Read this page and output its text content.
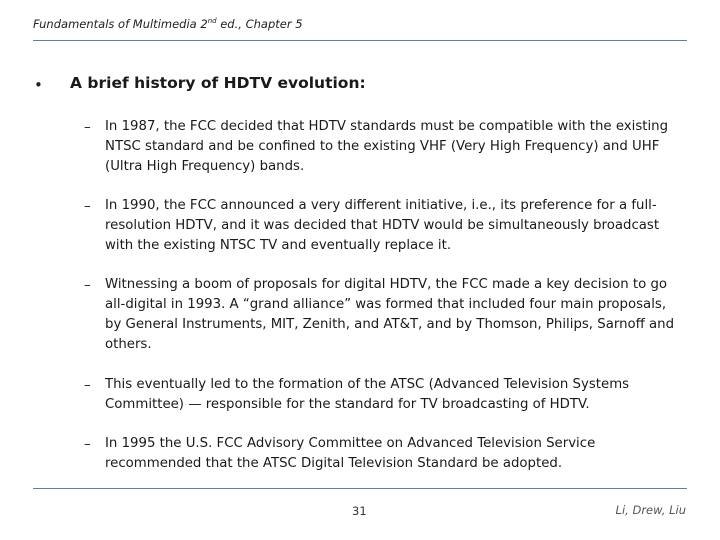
Fundamentals of Multimedia 2nd ed., Chapter 5
• A brief history of HDTV evolution:
– In 1987, the FCC decided that HDTV standards must be compatible with the existing NTSC standard and be confined to the existing VHF (Very High Frequency) and UHF (Ultra High Frequency) bands.
– In 1990, the FCC announced a very different initiative, i.e., its preference for a full-resolution HDTV, and it was decided that HDTV would be simultaneously broadcast with the existing NTSC TV and eventually replace it.
– Witnessing a boom of proposals for digital HDTV, the FCC made a key decision to go all-digital in 1993. A “grand alliance” was formed that included four main proposals, by General Instruments, MIT, Zenith, and AT&T, and by Thomson, Philips, Sarnoff and others.
– This eventually led to the formation of the ATSC (Advanced Television Systems Committee) — responsible for the standard for TV broadcasting of HDTV.
– In 1995 the U.S. FCC Advisory Committee on Advanced Television Service recommended that the ATSC Digital Television Standard be adopted.
31	Li, Drew, Liu
